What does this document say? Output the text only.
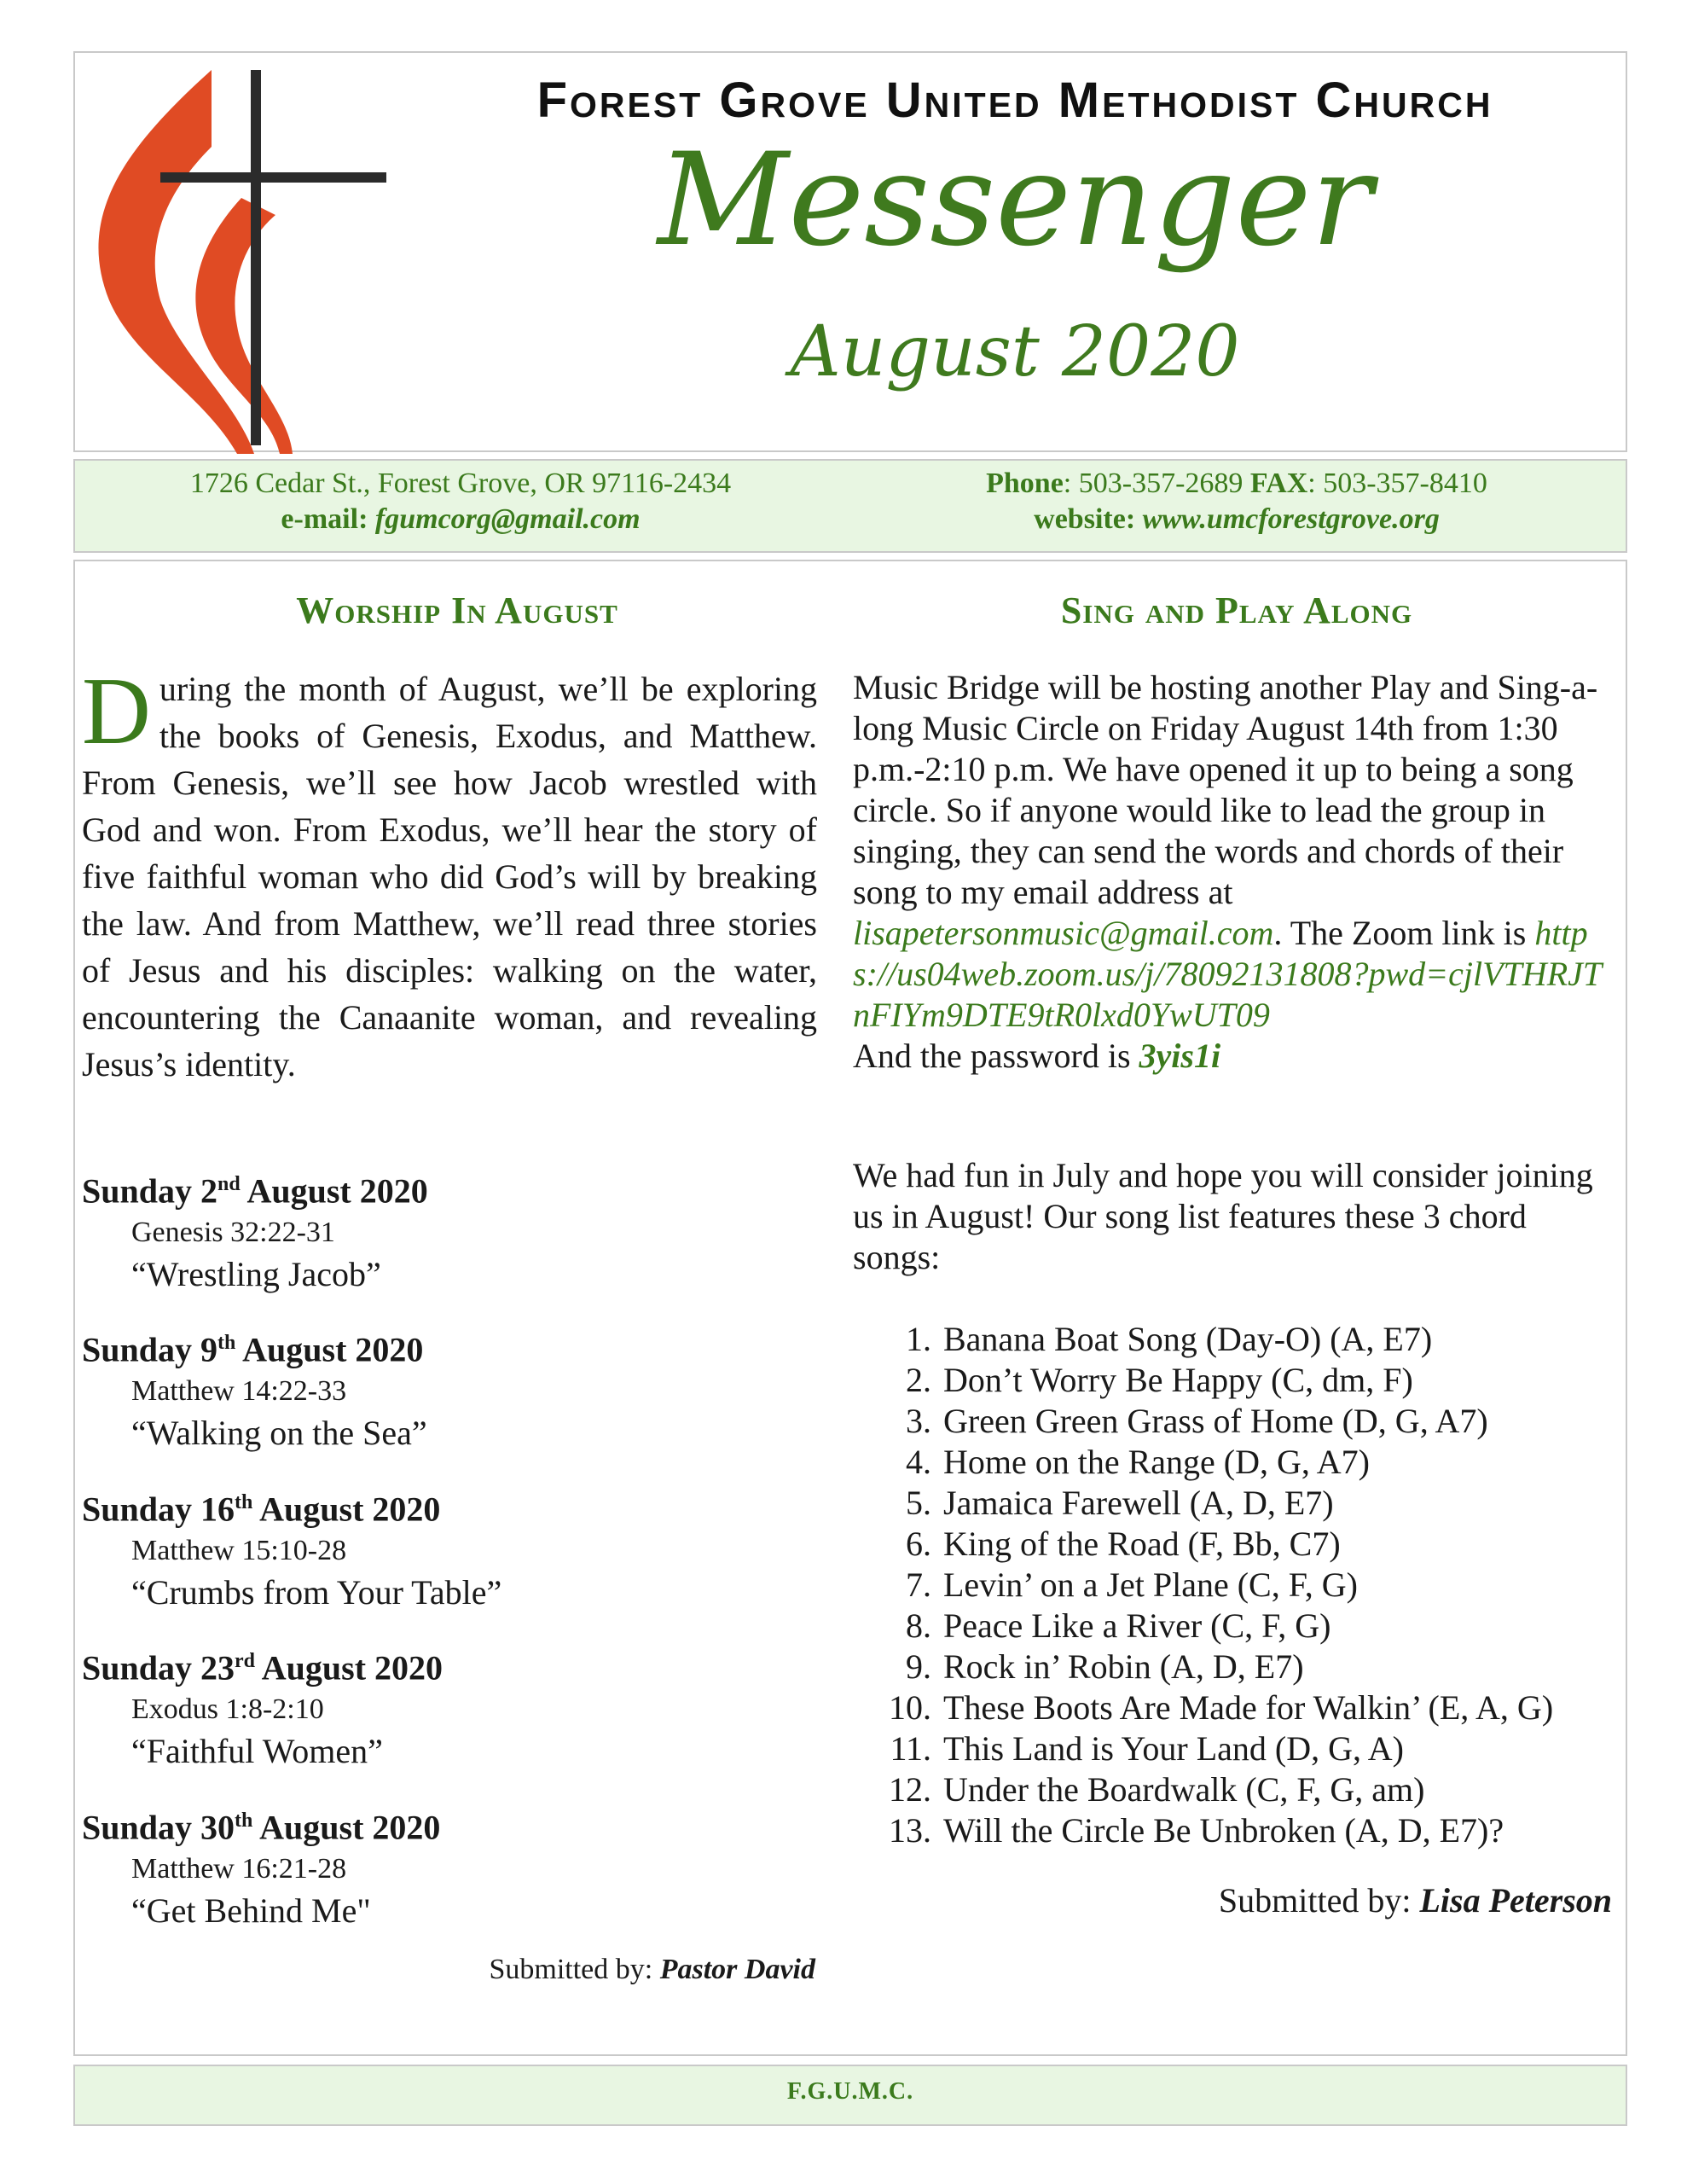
Forest Grove United Methodist Church
Messenger
August 2020
1726 Cedar St., Forest Grove, OR 97116-2434
e-mail: fgumcorg@gmail.com
Phone: 503-357-2689 FAX: 503-357-8410
website: www.umcforestgrove.org
Worship In August
During the month of August, we’ll be exploring the books of Genesis, Exodus, and Matthew. From Genesis, we’ll see how Jacob wrestled with God and won. From Exodus, we’ll hear the story of five faithful woman who did God’s will by breaking the law. And from Matthew, we’ll read three stories of Jesus and his disciples: walking on the water, encountering the Canaanite woman, and revealing Jesus’s identity.
Sunday 2nd August 2020
Genesis 32:22-31
“Wrestling Jacob”
Sunday 9th August 2020
Matthew 14:22-33
“Walking on the Sea”
Sunday 16th August 2020
Matthew 15:10-28
“Crumbs from Your Table”
Sunday 23rd August 2020
Exodus 1:8-2:10
“Faithful Women”
Sunday 30th August 2020
Matthew 16:21-28
“Get Behind Me"
Submitted by: Pastor David
Sing and Play Along
Music Bridge will be hosting another Play and Sing-a-long Music Circle on Friday August 14th from 1:30 p.m.-2:10 p.m. We have opened it up to being a song circle. So if anyone would like to lead the group in singing, they can send the words and chords of their song to my email address at lisapetersonmusic@gmail.com. The Zoom link is https://us04web.zoom.us/j/78092131808?pwd=cjlVTHRJTnFIYm9DTE9tR0lxd0YwUT09
And the password is 3yis1i
We had fun in July and hope you will consider joining us in August! Our song list features these 3 chord songs:
1. Banana Boat Song (Day-O) (A, E7)
2. Don’t Worry Be Happy (C, dm, F)
3. Green Green Grass of Home (D, G, A7)
4. Home on the Range (D, G, A7)
5. Jamaica Farewell (A, D, E7)
6. King of the Road (F, Bb, C7)
7. Levin’ on a Jet Plane (C, F, G)
8. Peace Like a River (C, F, G)
9. Rock in’ Robin (A, D, E7)
10. These Boots Are Made for Walkin’ (E, A, G)
11. This Land is Your Land (D, G, A)
12. Under the Boardwalk (C, F, G, am)
13. Will the Circle Be Unbroken (A, D, E7)?
Submitted by: Lisa Peterson
F.G.U.M.C.
